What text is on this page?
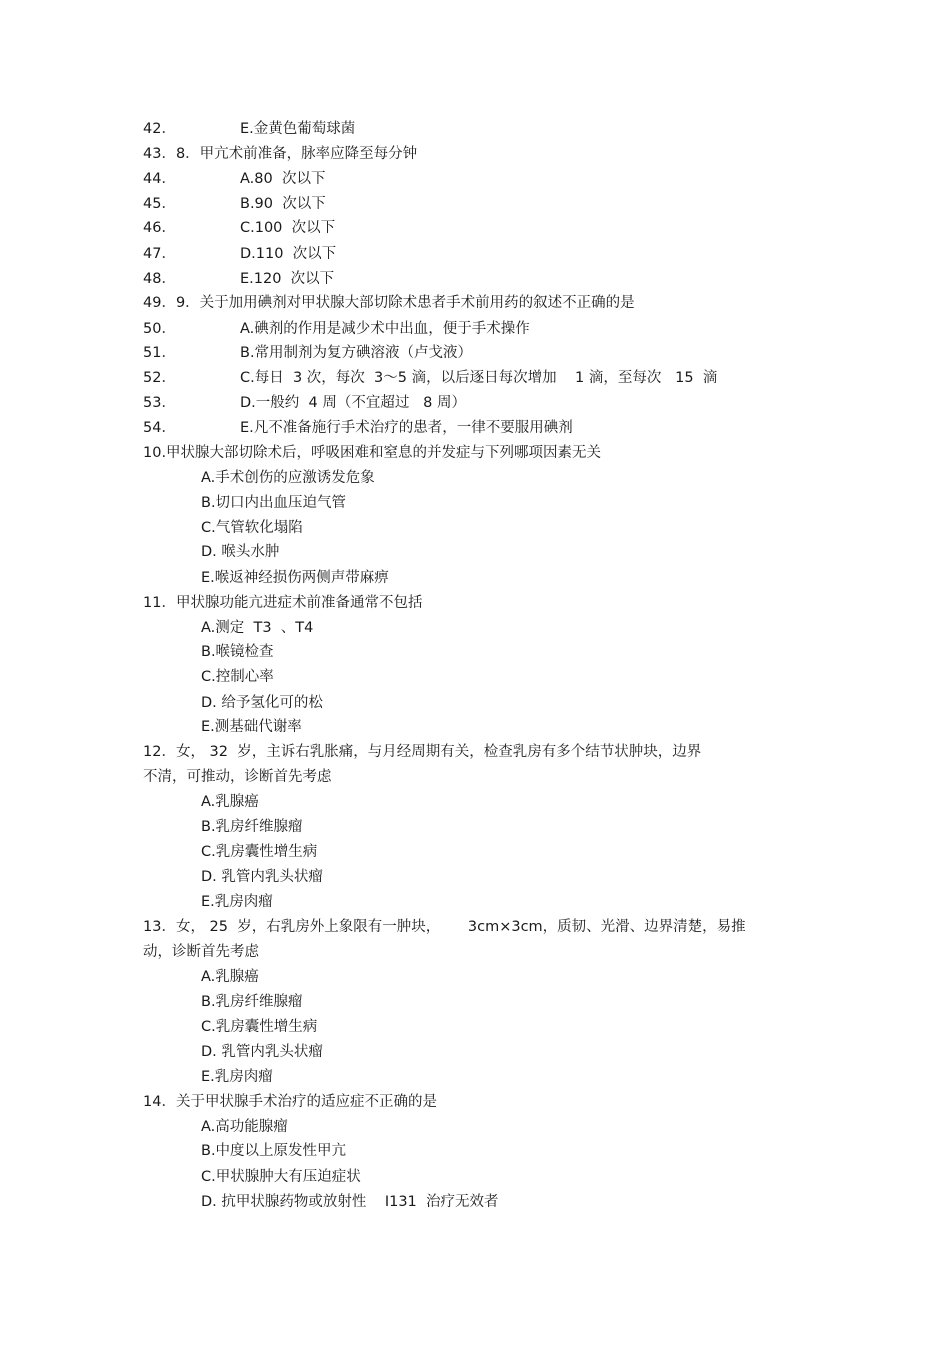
42．	E.金黄色葡萄球菌
43．8．甲亢术前准备，脉率应降至每分钟
44．	A.80  次以下
45．	B.90  次以下
46．	C.100  次以下
47．	D.110  次以下
48．	E.120  次以下
49．9．关于加用碘剂对甲状腺大部切除术患者手术前用药的叙述不正确的是
50．	A.碘剂的作用是减少术中出血，便于手术操作
51．	B.常用制剂为复方碘溶液（卢戈液）
52．	C.每日  3 次，每次  3～5 滴，以后逐日每次增加    1 滴，至每次   15  滴
53．	D.一般约  4 周（不宜超过   8 周）
54．	E.凡不准备施行手术治疗的患者，一律不要服用碘剂
10.甲状腺大部切除术后，呼吸困难和窒息的并发症与下列哪项因素无关
A.手术创伤的应激诱发危象
B.切口内出血压迫气管
C.气管软化塌陷
D. 喉头水肿
E.喉返神经损伤两侧声带麻痹
11．甲状腺功能亢进症术前准备通常不包括
A.测定  T3  、T4
B.喉镜检查
C.控制心率
D. 给予氢化可的松
E.测基础代谢率
12．女， 32  岁，主诉右乳胀痛，与月经周期有关，检查乳房有多个结节状肿块，边界
不清，可推动，诊断首先考虑
A.乳腺癌
B.乳房纤维腺瘤
C.乳房囊性增生病
D. 乳管内乳头状瘤
E.乳房肉瘤
13．女， 25  岁，右乳房外上象限有一肿块，      3cm×3cm，质韧、光滑、边界清楚，易推
动，诊断首先考虑
A.乳腺癌
B.乳房纤维腺瘤
C.乳房囊性增生病
D. 乳管内乳头状瘤
E.乳房肉瘤
14．关于甲状腺手术治疗的适应症不正确的是
A.高功能腺瘤
B.中度以上原发性甲亢
C.甲状腺肿大有压迫症状
D. 抗甲状腺药物或放射性    I131  治疗无效者
